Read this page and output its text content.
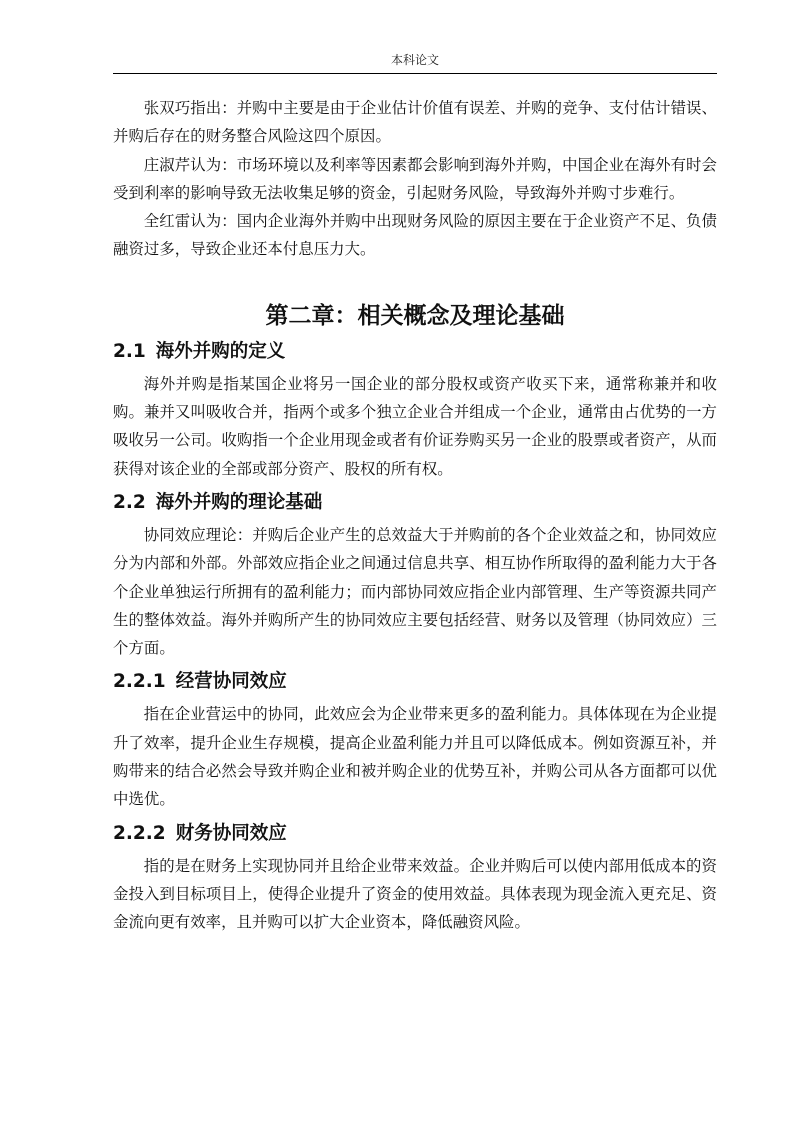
本科论文

张双巧指出：并购中主要是由于企业估计价值有误差、并购的竞争、支付估计错误、并购后存在的财务整合风险这四个原因。

庄淑芹认为：市场环境以及利率等因素都会影响到海外并购，中国企业在海外有时会受到利率的影响导致无法收集足够的资金，引起财务风险，导致海外并购寸步难行。

全红雷认为：国内企业海外并购中出现财务风险的原因主要在于企业资产不足、负债融资过多，导致企业还本付息压力大。

第二章：相关概念及理论基础
2.1 海外并购的定义

海外并购是指某国企业将另一国企业的部分股权或资产收买下来，通常称兼并和收购。兼并又叫吸收合并，指两个或多个独立企业合并组成一个企业，通常由占优势的一方吸收另一公司。收购指一个企业用现金或者有价证券购买另一企业的股票或者资产，从而获得对该企业的全部或部分资产、股权的所有权。

2.2 海外并购的理论基础

协同效应理论：并购后企业产生的总效益大于并购前的各个企业效益之和，协同效应分为内部和外部。外部效应指企业之间通过信息共享、相互协作所取得的盈利能力大于各个企业单独运行所拥有的盈利能力；而内部协同效应指企业内部管理、生产等资源共同产生的整体效益。海外并购所产生的协同效应主要包括经营、财务以及管理（协同效应）三个方面。

2.2.1 经营协同效应

指在企业营运中的协同，此效应会为企业带来更多的盈利能力。具体体现在为企业提升了效率，提升企业生存规模，提高企业盈利能力并且可以降低成本。例如资源互补，并购带来的结合必然会导致并购企业和被并购企业的优势互补，并购公司从各方面都可以优中选优。

2.2.2 财务协同效应

指的是在财务上实现协同并且给企业带来效益。企业并购后可以使内部用低成本的资金投入到目标项目上，使得企业提升了资金的使用效益。具体表现为现金流入更充足、资金流向更有效率，且并购可以扩大企业资本，降低融资风险。
